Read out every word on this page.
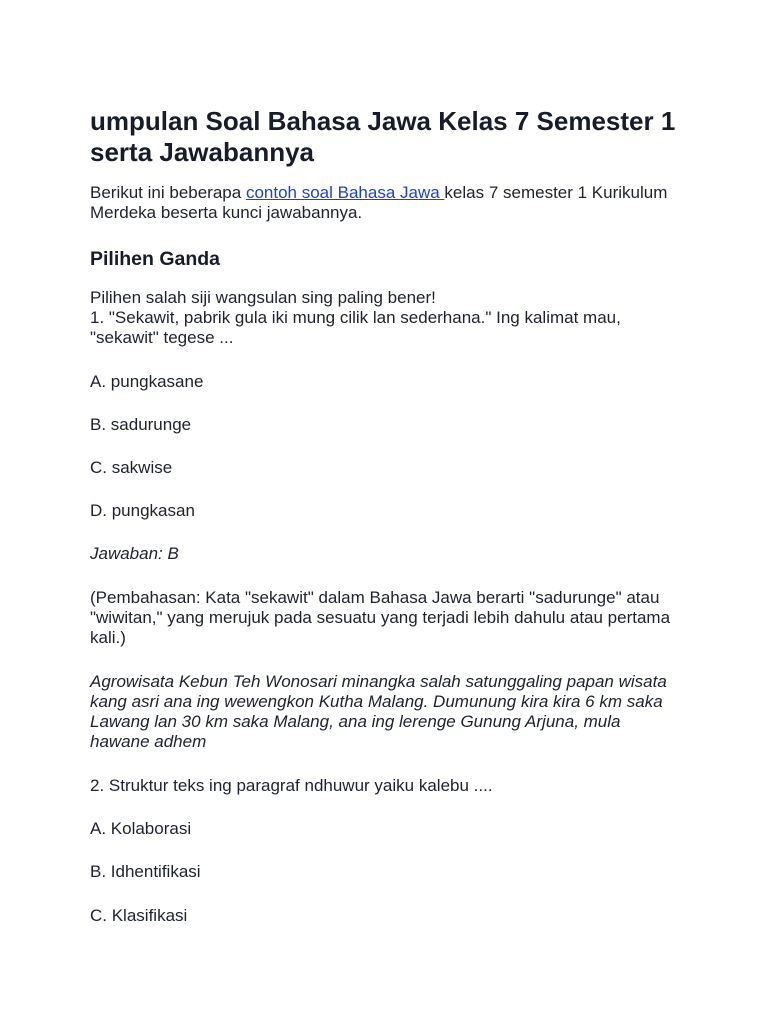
umpulan Soal Bahasa Jawa Kelas 7 Semester 1
serta Jawabannya

Berikut ini beberapa contoh soal Bahasa Jawa kelas 7 semester 1 Kurikulum
Merdeka beserta kunci jawabannya.

Pilihen Ganda

Pilihen salah siji wangsulan sing paling bener!
1. "Sekawit, pabrik gula iki mung cilik lan sederhana." Ing kalimat mau,
"sekawit" tegese ...

A. pungkasane

B. sadurunge

C. sakwise

D. pungkasan

Jawaban: B

(Pembahasan: Kata "sekawit" dalam Bahasa Jawa berarti "sadurunge" atau
"wiwitan," yang merujuk pada sesuatu yang terjadi lebih dahulu atau pertama
kali.)

Agrowisata Kebun Teh Wonosari minangka salah satunggaling papan wisata
kang asri ana ing wewengkon Kutha Malang. Dumunung kira kira 6 km saka
Lawang lan 30 km saka Malang, ana ing lerenge Gunung Arjuna, mula
hawane adhem

2. Struktur teks ing paragraf ndhuwur yaiku kalebu ....

A. Kolaborasi

B. Idhentifikasi

C. Klasifikasi
